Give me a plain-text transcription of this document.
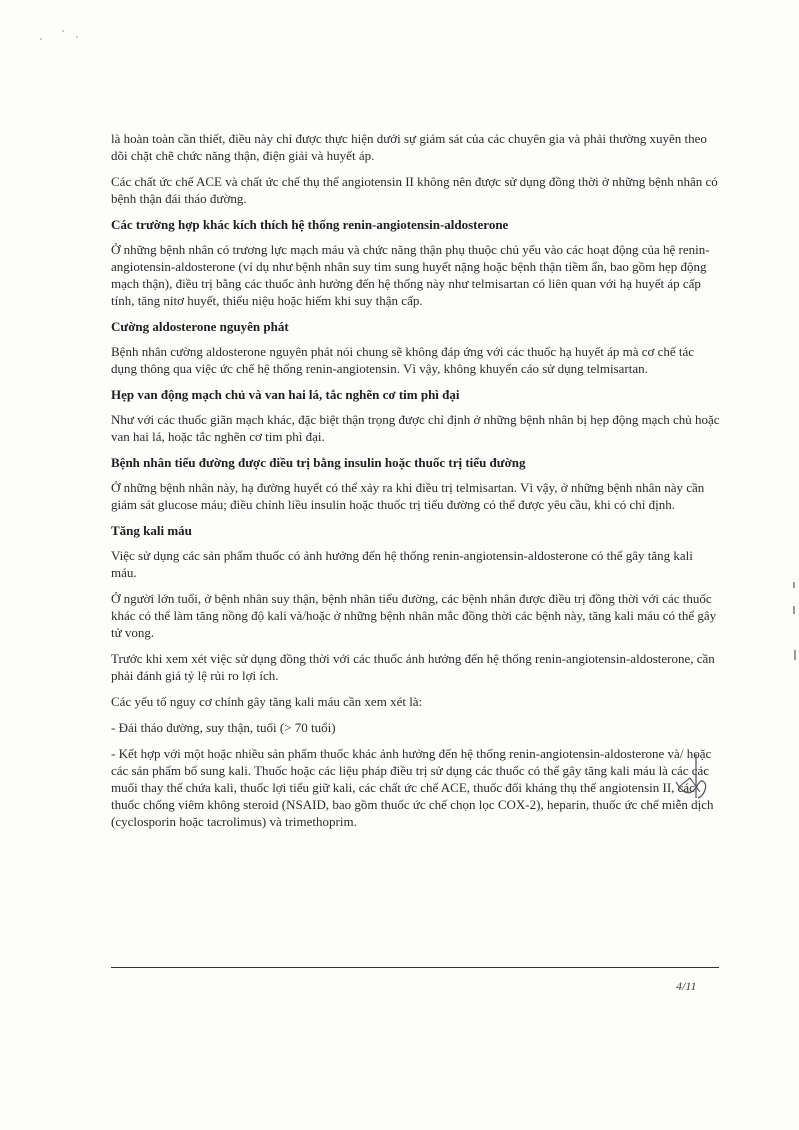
là hoàn toàn cần thiết, điều này chỉ được thực hiện dưới sự giám sát của các chuyên gia và phải thường xuyên theo dõi chặt chẽ chức năng thận, điện giải và huyết áp.

Các chất ức chế ACE và chất ức chế thụ thể angiotensin II không nên được sử dụng đồng thời ở những bệnh nhân có bệnh thận đái tháo đường.

Các trường hợp khác kích thích hệ thống renin-angiotensin-aldosterone

Ở những bệnh nhân có trương lực mạch máu và chức năng thận phụ thuộc chủ yếu vào các hoạt động của hệ renin-angiotensin-aldosterone (ví dụ như bệnh nhân suy tim sung huyết nặng hoặc bệnh thận tiềm ẩn, bao gồm hẹp động mạch thận), điều trị bằng các thuốc ảnh hưởng đến hệ thống này như telmisartan có liên quan với hạ huyết áp cấp tính, tăng nitơ huyết, thiểu niệu hoặc hiếm khi suy thận cấp.

Cường aldosterone nguyên phát

Bệnh nhân cường aldosterone nguyên phát nói chung sẽ không đáp ứng với các thuốc hạ huyết áp mà cơ chế tác dụng thông qua việc ức chế hệ thống renin-angiotensin. Vì vậy, không khuyến cáo sử dụng telmisartan.

Hẹp van động mạch chủ và van hai lá, tắc nghẽn cơ tim phì đại

Như với các thuốc giãn mạch khác, đặc biệt thận trọng được chỉ định ở những bệnh nhân bị hẹp động mạch chủ hoặc van hai lá, hoặc tắc nghẽn cơ tim phì đại.

Bệnh nhân tiểu đường được điều trị bằng insulin hoặc thuốc trị tiểu đường

Ở những bệnh nhân này, hạ đường huyết có thể xảy ra khi điều trị telmisartan. Vì vậy, ở những bệnh nhân này cần giám sát glucose máu; điều chỉnh liều insulin hoặc thuốc trị tiểu đường có thể được yêu cầu, khi có chỉ định.

Tăng kali máu

Việc sử dụng các sản phẩm thuốc có ảnh hưởng đến hệ thống renin-angiotensin-aldosterone có thể gây tăng kali máu.

Ở người lớn tuổi, ở bệnh nhân suy thận, bệnh nhân tiểu đường, các bệnh nhân được điều trị đồng thời với các thuốc khác có thể làm tăng nồng độ kali và/hoặc ở những bệnh nhân mắc đồng thời các bệnh này, tăng kali máu có thể gây tử vong.

Trước khi xem xét việc sử dụng đồng thời với các thuốc ảnh hưởng đến hệ thống renin-angiotensin-aldosterone, cần phải đánh giá tỷ lệ rủi ro lợi ích.

Các yếu tố nguy cơ chính gây tăng kali máu cần xem xét là:

- Đái tháo đường, suy thận, tuổi (> 70 tuổi)

- Kết hợp với một hoặc nhiều sản phẩm thuốc khác ảnh hưởng đến hệ thống renin-angiotensin-aldosterone và/ hoặc các sản phẩm bổ sung kali. Thuốc hoặc các liệu pháp điều trị sử dụng các thuốc có thể gây tăng kali máu là các các muối thay thế chứa kali, thuốc lợi tiểu giữ kali, các chất ức chế ACE, thuốc đối kháng thụ thể angiotensin II, các thuốc chống viêm không steroid (NSAID, bao gồm thuốc ức chế chọn lọc COX-2), heparin, thuốc ức chế miễn dịch (cyclosporin hoặc tacrolimus) và trimethoprim.

4/11
